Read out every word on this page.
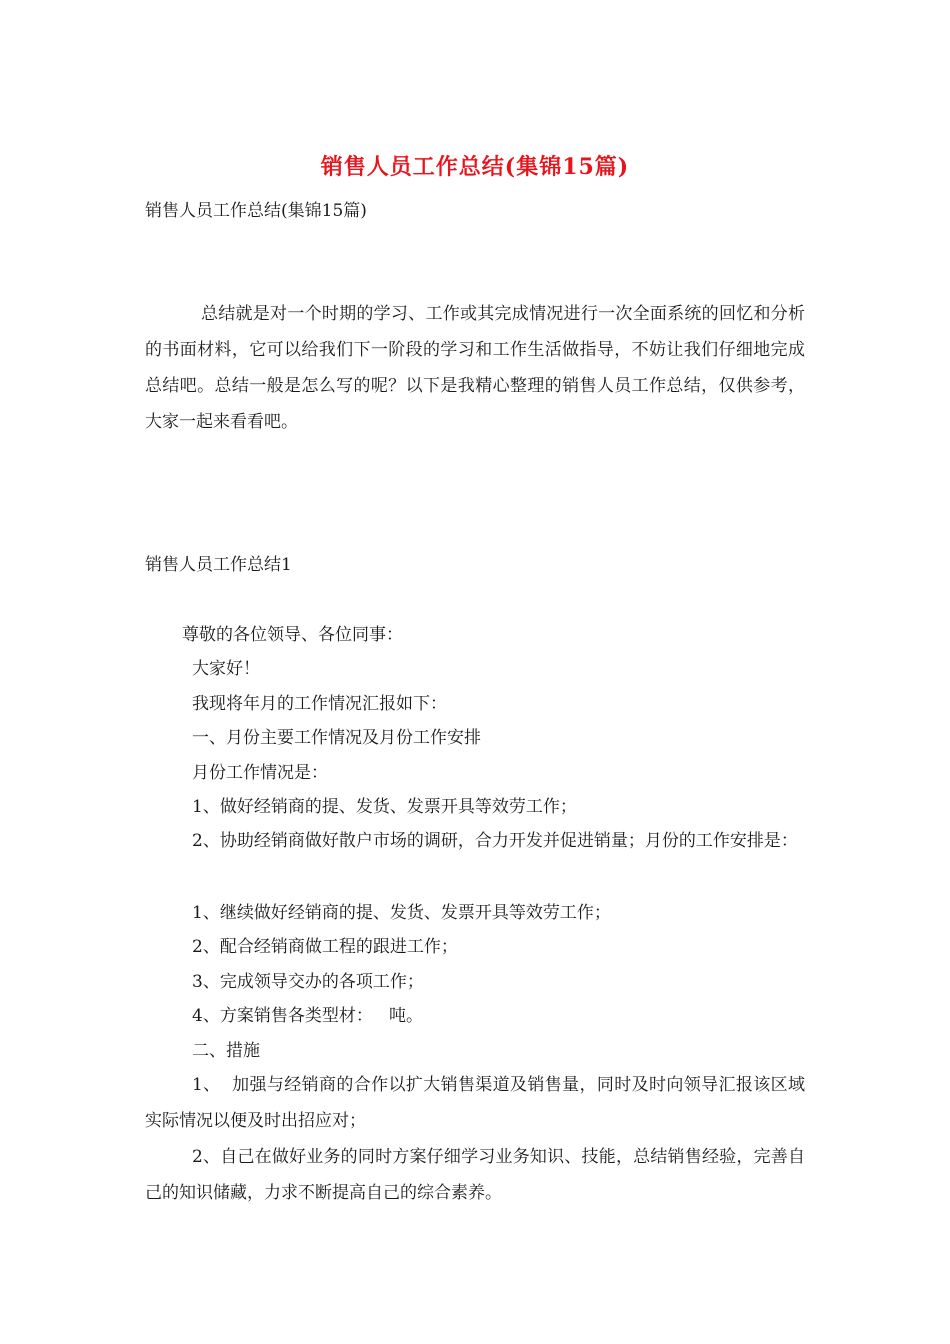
销售人员工作总结(集锦15篇)
销售人员工作总结(集锦15篇)
总结就是对一个时期的学习、工作或其完成情况进行一次全面系统的回忆和分析的书面材料，它可以给我们下一阶段的学习和工作生活做指导，不妨让我们仔细地完成总结吧。总结一般是怎么写的呢？以下是我精心整理的销售人员工作总结，仅供参考，大家一起来看看吧。
销售人员工作总结1
尊敬的各位领导、各位同事：
大家好！
我现将年月的工作情况汇报如下：
一、月份主要工作情况及月份工作安排
月份工作情况是：
1、做好经销商的提、发货、发票开具等效劳工作；
2、协助经销商做好散户市场的调研，合力开发并促进销量；月份的工作安排是：
1、继续做好经销商的提、发货、发票开具等效劳工作；
2、配合经销商做工程的跟进工作；
3、完成领导交办的各项工作；
4、方案销售各类型材：   吨。
二、措施
1、  加强与经销商的合作以扩大销售渠道及销售量，同时及时向领导汇报该区域实际情况以便及时出招应对；
2、自己在做好业务的同时方案仔细学习业务知识、技能，总结销售经验，完善自己的知识储藏，力求不断提高自己的综合素养。
